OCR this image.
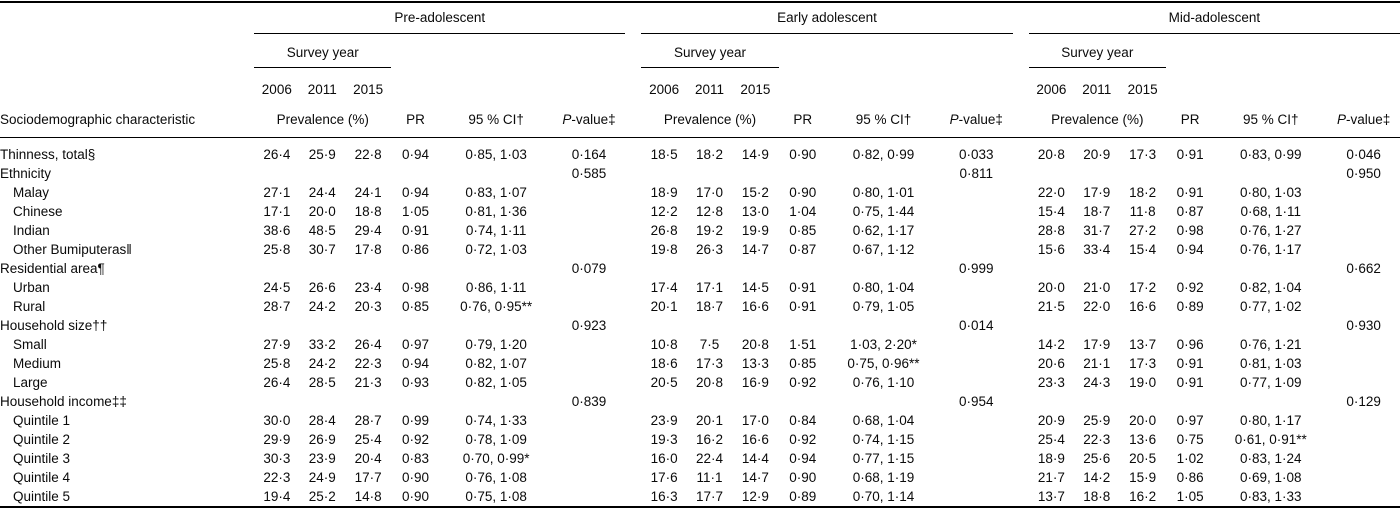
	Pre-adolescent							Early adolescent							Mid-adolescent					
	Survey year							Survey year							Survey year					
	2006	2011	2015					2006	2011	2015					2006	2011	2015			
Sociodemographic characteristic	Prevalence (%)			PR	95 % CI†	P-value‡		Prevalence (%)			PR	95 % CI†	P-value‡		Prevalence (%)			PR	95 % CI†	P-value‡
Thinness, total§	26·4	25·9	22·8	0·94	0·85, 1·03	0·164		18·5	18·2	14·9	0·90	0·82, 0·99	0·033		20·8	20·9	17·3	0·91	0·83, 0·99	0·046
Ethnicity						0·585							0·811							0·950
Malay	27·1	24·4	24·1	0·94	0·83, 1·07			18·9	17·0	15·2	0·90	0·80, 1·01			22·0	17·9	18·2	0·91	0·80, 1·03	
Chinese	17·1	20·0	18·8	1·05	0·81, 1·36			12·2	12·8	13·0	1·04	0·75, 1·44			15·4	18·7	11·8	0·87	0·68, 1·11	
Indian	38·6	48·5	29·4	0·91	0·74, 1·11			26·8	19·2	19·9	0·85	0·62, 1·17			28·8	31·7	27·2	0·98	0·76, 1·27	
Other Bumiputeras‖	25·8	30·7	17·8	0·86	0·72, 1·03			19·8	26·3	14·7	0·87	0·67, 1·12			15·6	33·4	15·4	0·94	0·76, 1·17	
Residential area¶						0·079							0·999							0·662
Urban	24·5	26·6	23·4	0·98	0·86, 1·11			17·4	17·1	14·5	0·91	0·80, 1·04			20·0	21·0	17·2	0·92	0·82, 1·04	
Rural	28·7	24·2	20·3	0·85	0·76, 0·95**			20·1	18·7	16·6	0·91	0·79, 1·05			21·5	22·0	16·6	0·89	0·77, 1·02	
Household size††						0·923							0·014							0·930
Small	27·9	33·2	26·4	0·97	0·79, 1·20			10·8	7·5	20·8	1·51	1·03, 2·20*			14·2	17·9	13·7	0·96	0·76, 1·21	
Medium	25·8	24·2	22·3	0·94	0·82, 1·07			18·6	17·3	13·3	0·85	0·75, 0·96**			20·6	21·1	17·3	0·91	0·81, 1·03	
Large	26·4	28·5	21·3	0·93	0·82, 1·05			20·5	20·8	16·9	0·92	0·76, 1·10			23·3	24·3	19·0	0·91	0·77, 1·09	
Household income‡‡						0·839							0·954							0·129
Quintile 1	30·0	28·4	28·7	0·99	0·74, 1·33			23·9	20·1	17·0	0·84	0·68, 1·04			20·9	25·9	20·0	0·97	0·80, 1·17	
Quintile 2	29·9	26·9	25·4	0·92	0·78, 1·09			19·3	16·2	16·6	0·92	0·74, 1·15			25·4	22·3	13·6	0·75	0·61, 0·91**	
Quintile 3	30·3	23·9	20·4	0·83	0·70, 0·99*			16·0	22·4	14·4	0·94	0·77, 1·15			18·9	25·6	20·5	1·02	0·83, 1·24	
Quintile 4	22·3	24·9	17·7	0·90	0·76, 1·08			17·6	11·1	14·7	0·90	0·68, 1·19			21·7	14·2	15·9	0·86	0·69, 1·08	
Quintile 5	19·4	25·2	14·8	0·90	0·75, 1·08			16·3	17·7	12·9	0·89	0·70, 1·14			13·7	18·8	16·2	1·05	0·83, 1·33	
